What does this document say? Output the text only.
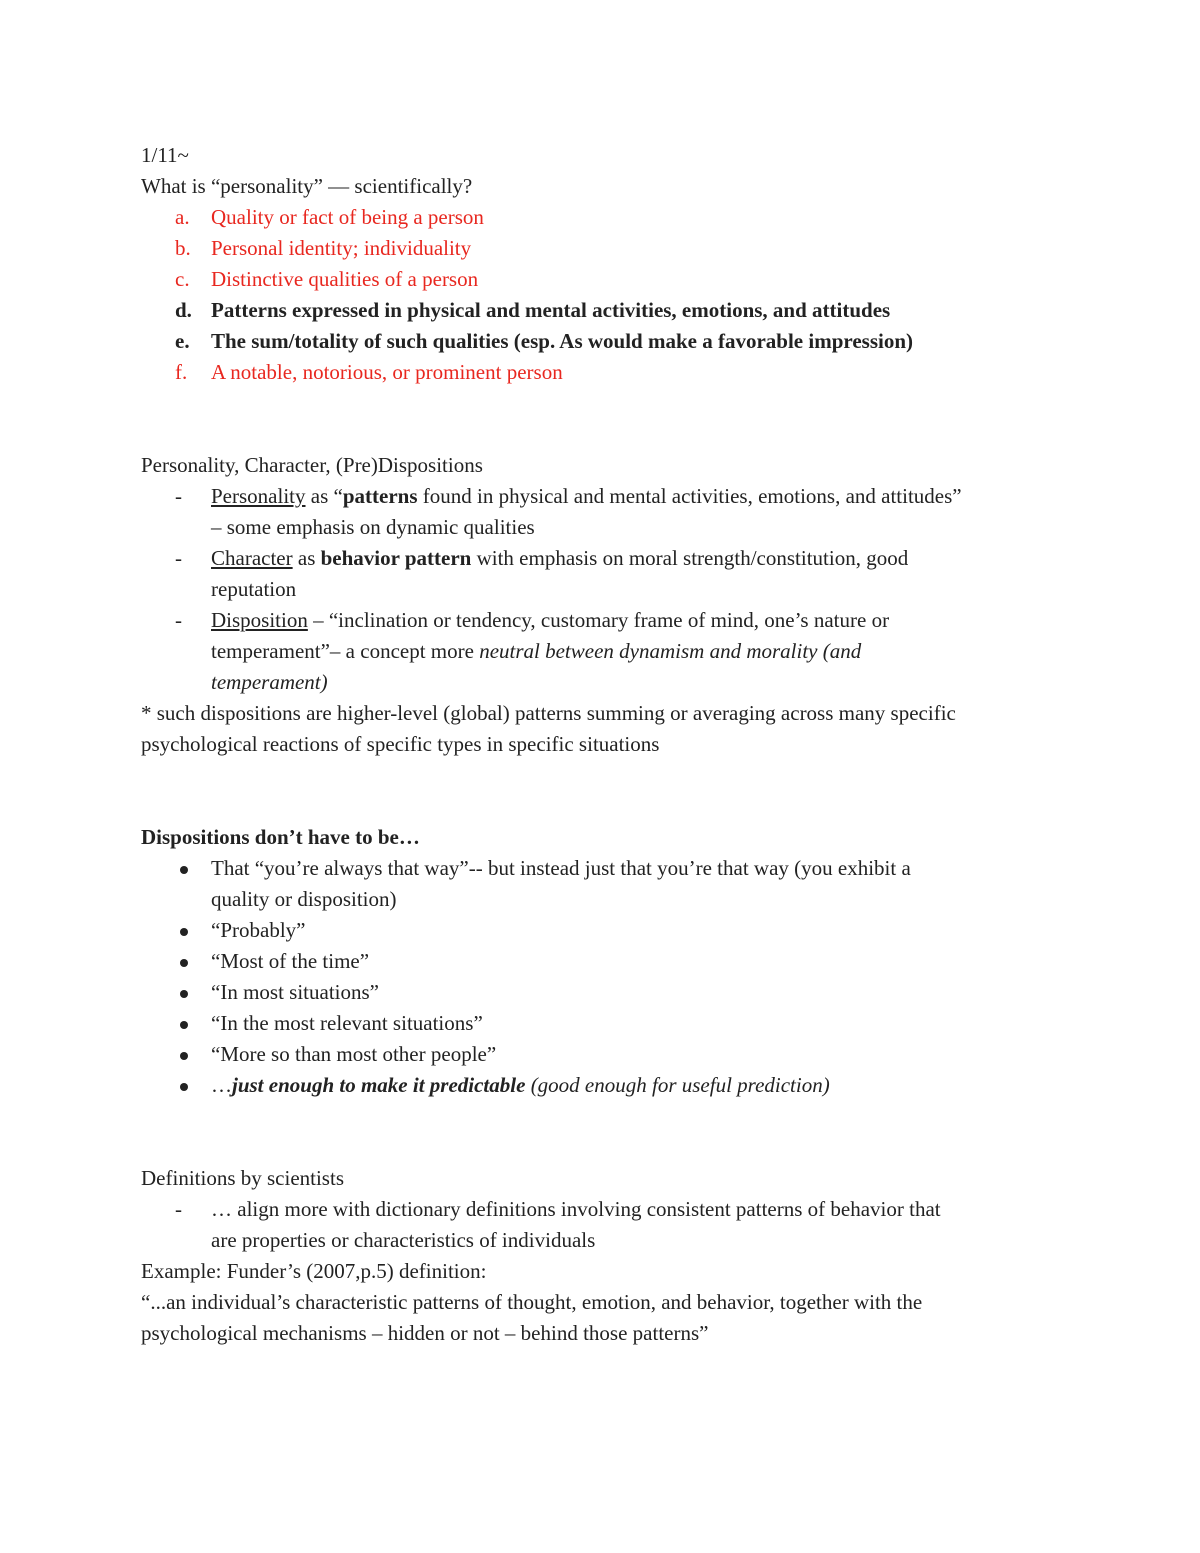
1/11~
What is “personality” — scientifically?
a. Quality or fact of being a person
b. Personal identity; individuality
c. Distinctive qualities of a person
d. Patterns expressed in physical and mental activities, emotions, and attitudes
e. The sum/totality of such qualities (esp. As would make a favorable impression)
f. A notable, notorious, or prominent person
Personality, Character, (Pre)Dispositions
- Personality as “patterns found in physical and mental activities, emotions, and attitudes”
– some emphasis on dynamic qualities
- Character as behavior pattern with emphasis on moral strength/constitution, good
reputation
- Disposition – “inclination or tendency, customary frame of mind, one’s nature or
temperament”– a concept more neutral between dynamism and morality (and
temperament)
* such dispositions are higher-level (global) patterns summing or averaging across many specific
psychological reactions of specific types in specific situations
Dispositions don’t have to be…
That “you’re always that way”-- but instead just that you’re that way (you exhibit a
quality or disposition)
“Probably”
“Most of the time”
“In most situations”
“In the most relevant situations”
“More so than most other people”
…just enough to make it predictable (good enough for useful prediction)
Definitions by scientists
- … align more with dictionary definitions involving consistent patterns of behavior that
are properties or characteristics of individuals
Example: Funder’s (2007,p.5) definition:
“...an individual’s characteristic patterns of thought, emotion, and behavior, together with the
psychological mechanisms – hidden or not – behind those patterns”
